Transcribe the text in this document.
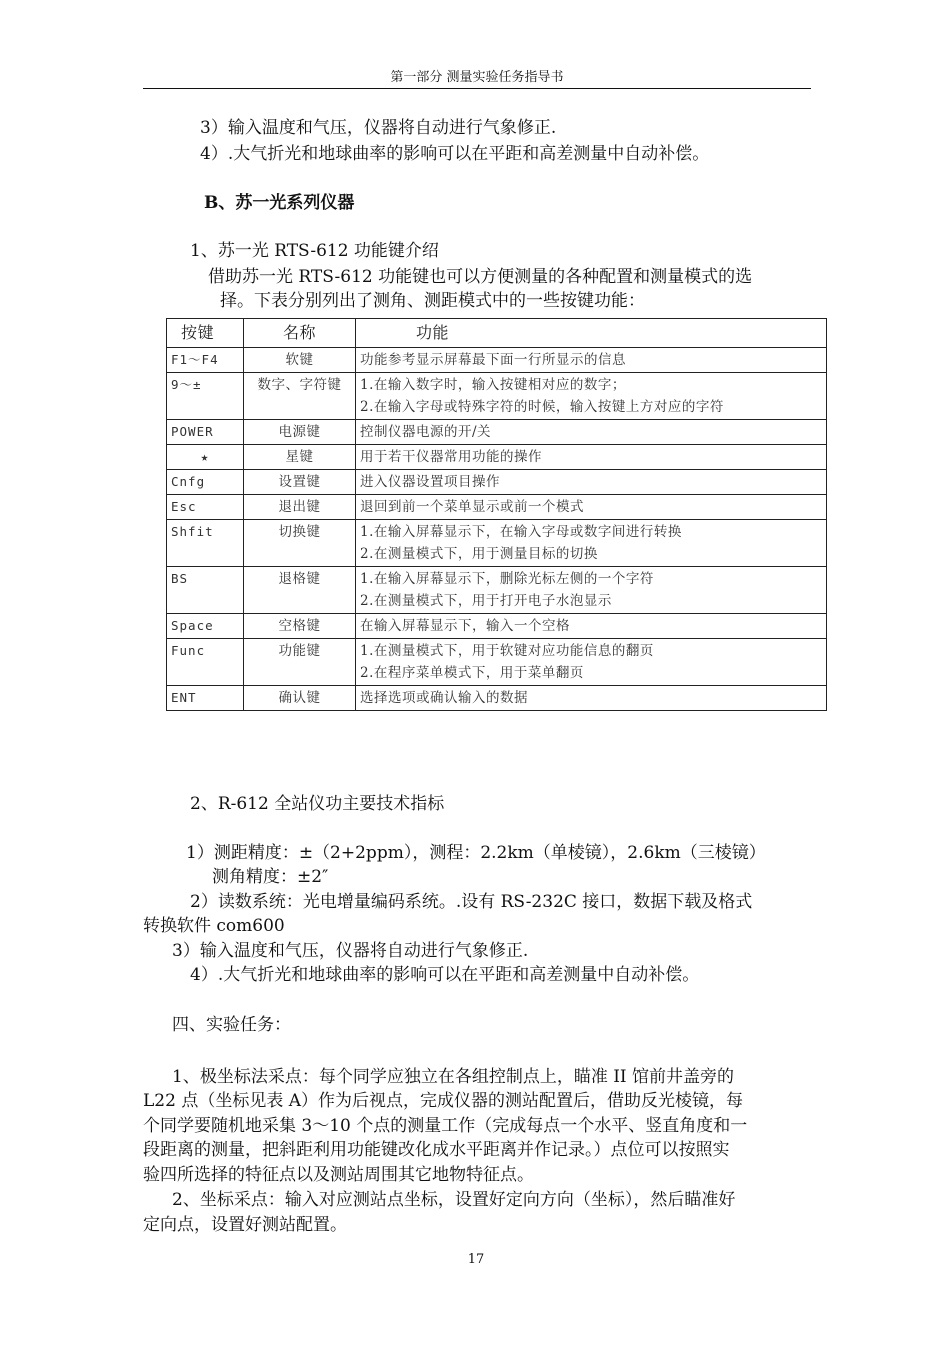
第一部分 测量实验任务指导书
3）输入温度和气压，仪器将自动进行气象修正.
4）.大气折光和地球曲率的影响可以在平距和高差测量中自动补偿。
B、苏一光系列仪器
1、苏一光 RTS-612 功能键介绍
借助苏一光 RTS-612 功能键也可以方便测量的各种配置和测量模式的选
择。下表分别列出了测角、测距模式中的一些按键功能：
按键	名称	功能
F1～F4	软键	功能参考显示屏幕最下面一行所显示的信息

9～±	数字、字符键	1.在输入数字时，输入按键相对应的数字；
2.在输入字母或特殊字符的时候，输入按键上方对应的字符

POWER	电源键	控制仪器电源的开/关

★	星键	用于若干仪器常用功能的操作

Cnfg	设置键	进入仪器设置项目操作

Esc	退出键	退回到前一个菜单显示或前一个模式

Shfit	切换键	1.在输入屏幕显示下，在输入字母或数字间进行转换
2.在测量模式下，用于测量目标的切换

BS	退格键	1.在输入屏幕显示下，删除光标左侧的一个字符
2.在测量模式下，用于打开电子水泡显示

Space	空格键	在输入屏幕显示下，输入一个空格

Func	功能键	1.在测量模式下，用于软键对应功能信息的翻页
2.在程序菜单模式下，用于菜单翻页

ENT	确认键	选择选项或确认输入的数据
2、R-612 全站仪功主要技术指标
1）测距精度：±（2+2ppm），测程：2.2km（单棱镜），2.6km（三棱镜）
测角精度：±2″
2）读数系统：光电增量编码系统。.设有 RS-232C 接口，数据下载及格式
转换软件 com600
3）输入温度和气压，仪器将自动进行气象修正.
4）.大气折光和地球曲率的影响可以在平距和高差测量中自动补偿。
四、实验任务：
1、极坐标法采点：每个同学应独立在各组控制点上，瞄准 II 馆前井盖旁的
L22 点（坐标见表 A）作为后视点，完成仪器的测站配置后，借助反光棱镜，每
个同学要随机地采集 3～10 个点的测量工作（完成每点一个水平、竖直角度和一
段距离的测量，把斜距利用功能键改化成水平距离并作记录。）点位可以按照实
验四所选择的特征点以及测站周围其它地物特征点。
2、坐标采点：输入对应测站点坐标，设置好定向方向（坐标），然后瞄准好
定向点，设置好测站配置。
17
